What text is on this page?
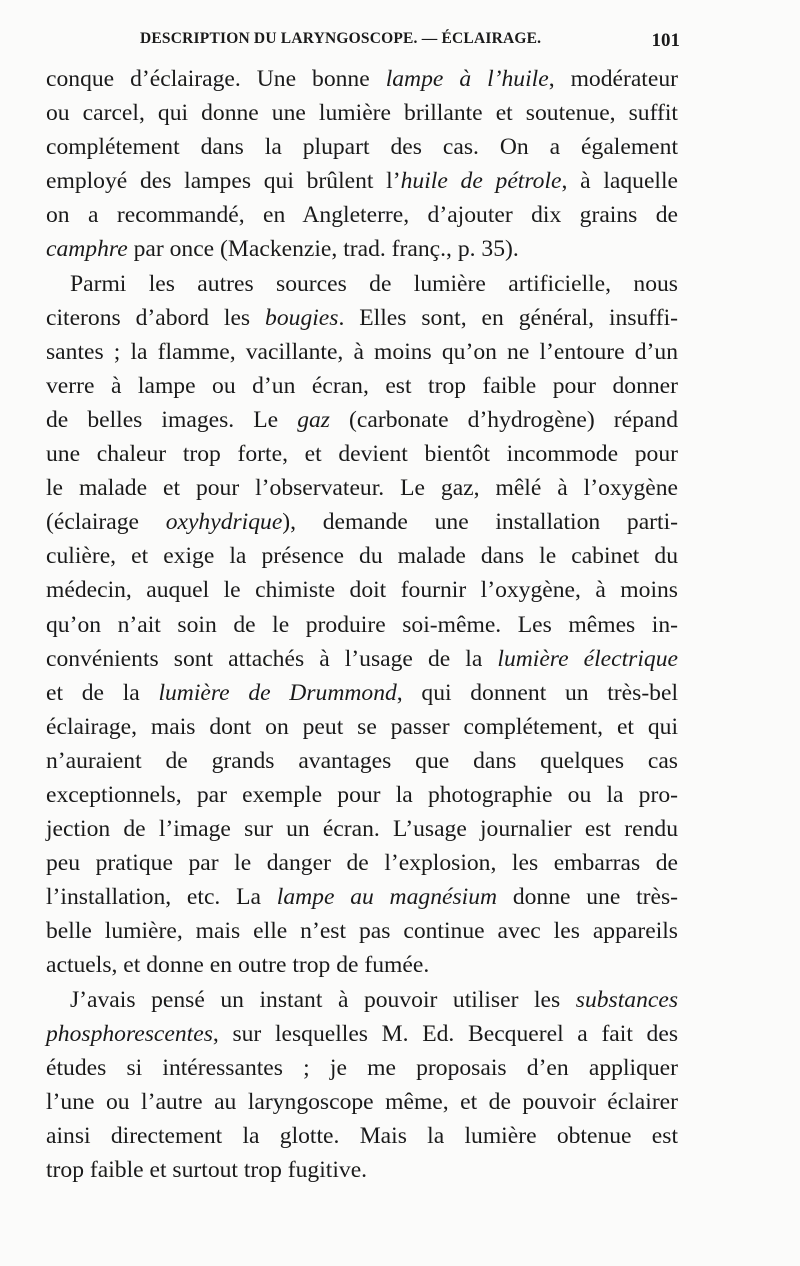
DESCRIPTION DU LARYNGOSCOPE. — ÉCLAIRAGE.	101
conque d’éclairage. Une bonne lampe à l’huile, modérateur
ou carcel, qui donne une lumière brillante et soutenue, suffit
complétement dans la plupart des cas. On a également
employé des lampes qui brûlent l’huile de pétrole, à laquelle
on a recommandé, en Angleterre, d’ajouter dix grains de
camphre par once (Mackenzie, trad. franç., p. 35).
Parmi les autres sources de lumière artificielle, nous
citerons d’abord les bougies. Elles sont, en général, insuffi-
santes ; la flamme, vacillante, à moins qu’on ne l’entoure d’un
verre à lampe ou d’un écran, est trop faible pour donner
de belles images. Le gaz (carbonate d’hydrogène) répand
une chaleur trop forte, et devient bientôt incommode pour
le malade et pour l’observateur. Le gaz, mêlé à l’oxygène
(éclairage oxyhydrique), demande une installation parti-
culière, et exige la présence du malade dans le cabinet du
médecin, auquel le chimiste doit fournir l’oxygène, à moins
qu’on n’ait soin de le produire soi-même. Les mêmes in-
convénients sont attachés à l’usage de la lumière électrique
et de la lumière de Drummond, qui donnent un très-bel
éclairage, mais dont on peut se passer complétement, et qui
n’auraient de grands avantages que dans quelques cas
exceptionnels, par exemple pour la photographie ou la pro-
jection de l’image sur un écran. L’usage journalier est rendu
peu pratique par le danger de l’explosion, les embarras de
l’installation, etc. La lampe au magnésium donne une très-
belle lumière, mais elle n’est pas continue avec les appareils
actuels, et donne en outre trop de fumée.
J’avais pensé un instant à pouvoir utiliser les substances
phosphorescentes, sur lesquelles M. Ed. Becquerel a fait des
études si intéressantes ; je me proposais d’en appliquer
l’une ou l’autre au laryngoscope même, et de pouvoir éclairer
ainsi directement la glotte. Mais la lumière obtenue est
trop faible et surtout trop fugitive.
